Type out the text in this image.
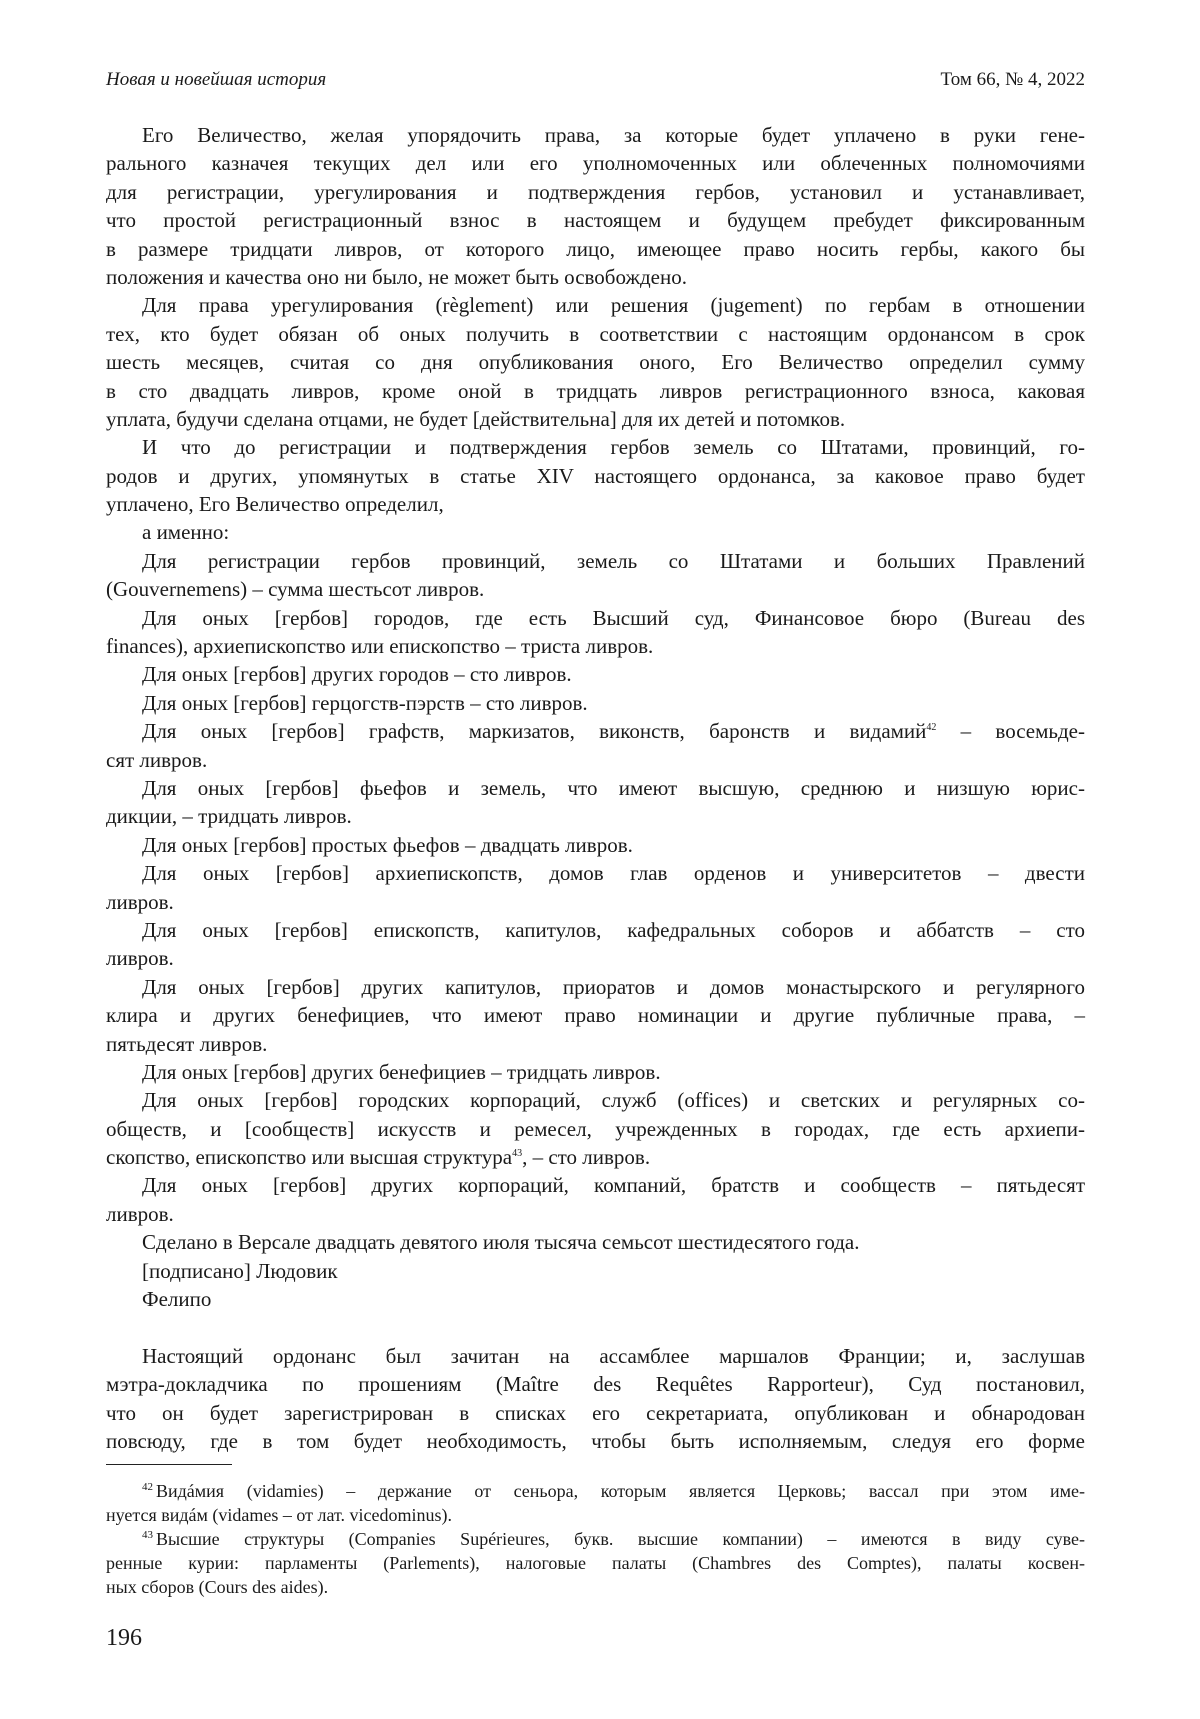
Новая и новейшая история	Том 66, № 4, 2022
Его Величество, желая упорядочить права, за которые будет уплачено в руки гене-
рального казначея текущих дел или его уполномоченных или облеченных полномочиями
для регистрации, урегулирования и подтверждения гербов, установил и устанавливает,
что простой регистрационный взнос в настоящем и будущем пребудет фиксированным
в размере тридцати ливров, от которого лицо, имеющее право носить гербы, какого бы
положения и качества оно ни было, не может быть освобождено.
Для права урегулирования (règlement) или решения (jugement) по гербам в отношении
тех, кто будет обязан об оных получить в соответствии с настоящим ордонансом в срок
шесть месяцев, считая со дня опубликования оного, Его Величество определил сумму
в сто двадцать ливров, кроме оной в тридцать ливров регистрационного взноса, каковая
уплата, будучи сделана отцами, не будет [действительна] для их детей и потомков.
И что до регистрации и подтверждения гербов земель со Штатами, провинций, го-
родов и других, упомянутых в статье XIV настоящего ордонанса, за каковое право будет
уплачено, Его Величество определил,
а именно:
Для регистрации гербов провинций, земель со Штатами и больших Правлений
(Gouvernemens) – сумма шестьсот ливров.
Для оных [гербов] городов, где есть Высший суд, Финансовое бюро (Bureau des
finances), архиепископство или епископство – триста ливров.
Для оных [гербов] других городов – сто ливров.
Для оных [гербов] герцогств-пэрств – сто ливров.
Для оных [гербов] графств, маркизатов, виконств, баронств и видамий$^{42}$ – восемьде-
сят ливров.
Для оных [гербов] фьефов и земель, что имеют высшую, среднюю и низшую юрис-
дикции, – тридцать ливров.
Для оных [гербов] простых фьефов – двадцать ливров.
Для оных [гербов] архиепископств, домов глав орденов и университетов – двести
ливров.
Для оных [гербов] епископств, капитулов, кафедральных соборов и аббатств – сто
ливров.
Для оных [гербов] других капитулов, приоратов и домов монастырского и регулярного
клира и других бенефициев, что имеют право номинации и другие публичные права, –
пятьдесят ливров.
Для оных [гербов] других бенефициев – тридцать ливров.
Для оных [гербов] городских корпораций, служб (offices) и светских и регулярных со-
обществ, и [сообществ] искусств и ремесел, учрежденных в городах, где есть архиепи-
скопство, епископство или высшая структура$^{43}$, – сто ливров.
Для оных [гербов] других корпораций, компаний, братств и сообществ – пятьдесят
ливров.
Сделано в Версале двадцать девятого июля тысяча семьсот шестидесятого года.
[подписано] Людовик
Фелипо
Настоящий ордонанс был зачитан на ассамблее маршалов Франции; и, заслушав
мэтра-докладчика по прошениям (Maître des Requêtes Rapporteur), Суд постановил,
что он будет зарегистрирован в списках его секретариата, опубликован и обнародован
повсюду, где в том будет необходимость, чтобы быть исполняемым, следуя его форме
$^{42}$ Видáмия (vidamies) – держание от сеньора, которым является Церковь; вассал при этом име-
нуется видáм (vidames – от лат. vicedominus).
$^{43}$ Высшие структуры (Companies Supérieures, букв. высшие компании) – имеются в виду суве-
ренные курии: парламенты (Parlements), налоговые палаты (Chambres des Comptes), палаты косвен-
ных сборов (Cours des aides).
196
